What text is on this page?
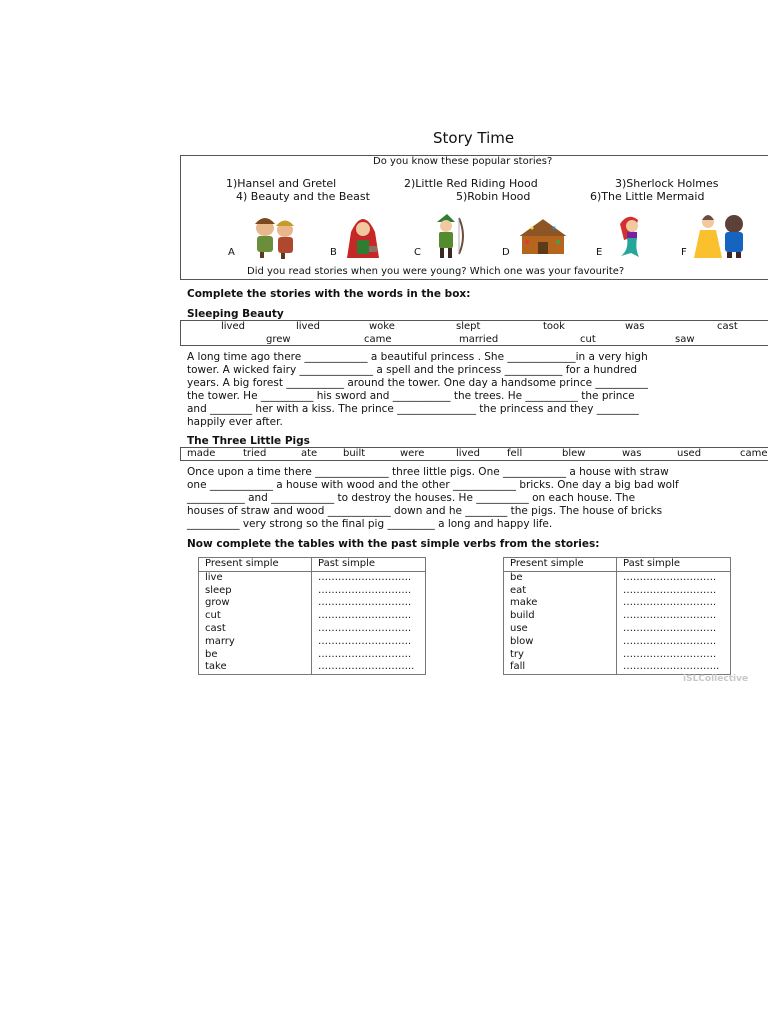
Story Time
Do you know these popular stories?
1)Hansel and Gretel	2)Little Red Riding Hood	3)Sherlock Holmes
4) Beauty and the Beast	5)Robin Hood	6)The Little Mermaid
A	B	C	D	E	F
Did you read stories when you were young? Which one was your favourite?
Complete the stories with the words in the box:
Sleeping Beauty
lived	lived	woke	slept	took	was	cast
grew	came	married	cut	saw
A long time ago there ____________ a beautiful princess . She _____________in a very high
tower. A wicked fairy ______________ a spell and the princess ___________ for a hundred
years. A big forest ___________ around the tower. One day a handsome prince __________
the tower. He __________ his sword and ___________ the trees. He __________ the prince
and ________ her with a kiss. The prince _______________ the princess and they ________
happily ever after.
The Three Little Pigs
made	tried	ate	built	were	lived	fell	blew	was	used	came
Once upon a time there ______________ three little pigs. One ____________ a house with straw
one ____________ a house with wood and the other ____________ bricks. One day a big bad wolf
___________ and ____________ to destroy the houses. He __________ on each house. The
houses of straw and wood ____________ down and he ________ the pigs. The house of bricks
__________ very strong so the final pig _________ a long and happy life.
Now complete the tables with the past simple verbs from the stories:
Present simple	Past simple
live	……………………….
sleep	……………………….
grow	……………………….
cut	……………………….
cast	……………………….
marry	……………………….
be	……………………….
take	………………………..
Present simple	Past simple
be	……………………….
eat	……………………….
make	……………………….
build	……………………….
use	……………………….
blow	……………………….
try	……………………….
fall	………………………..
iSLCollective
